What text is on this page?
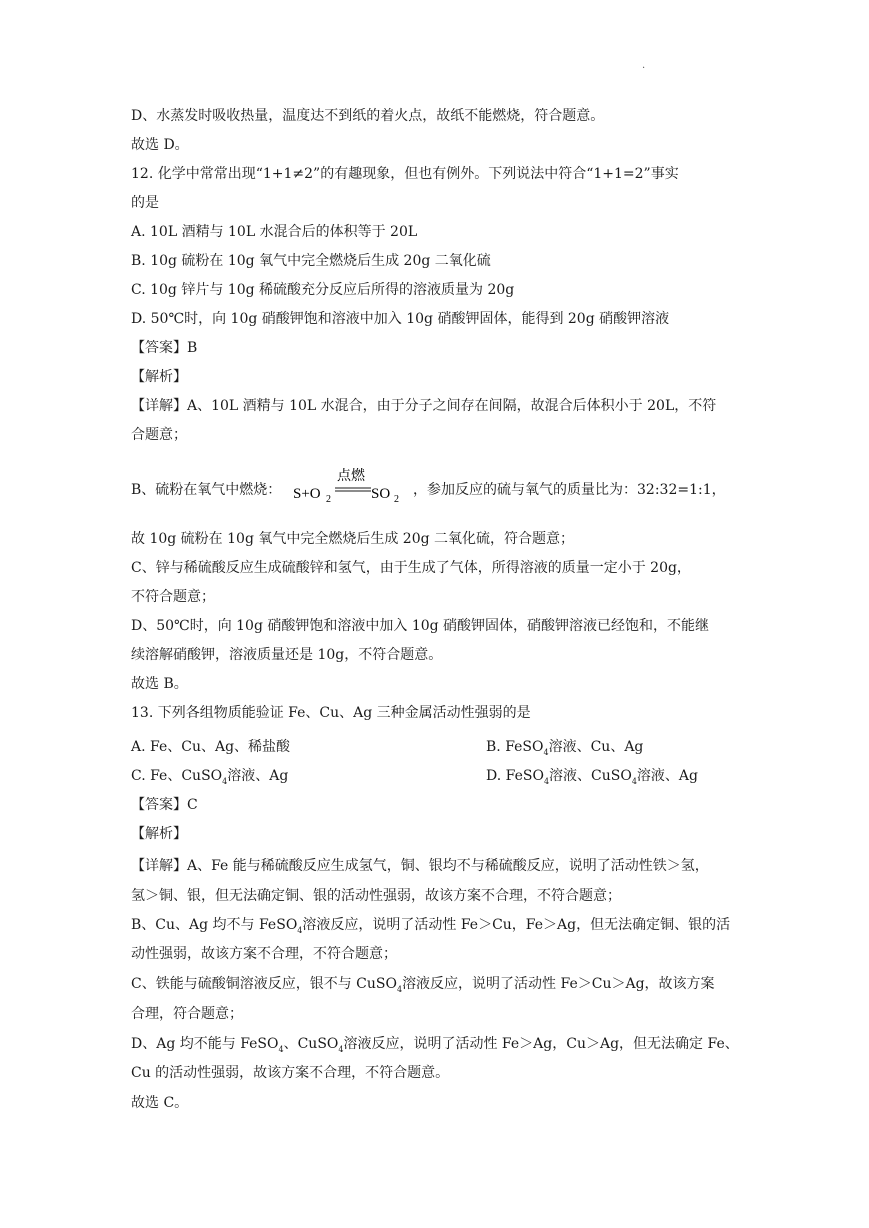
.
D、水蒸发时吸收热量，温度达不到纸的着火点，故纸不能燃烧，符合题意。
故选 D。
12. 化学中常常出现“1+1≠2”的有趣现象，但也有例外。下列说法中符合“1+1=2”事实
的是
A. 10L 酒精与 10L 水混合后的体积等于 20L
B. 10g 硫粉在 10g 氧气中完全燃烧后生成 20g 二氧化硫
C. 10g 锌片与 10g 稀硫酸充分反应后所得的溶液质量为 20g
D. 50℃时，向 10g 硝酸钾饱和溶液中加入 10g 硝酸钾固体，能得到 20g 硝酸钾溶液
【答案】B
【解析】
【详解】A、10L 酒精与 10L 水混合，由于分子之间存在间隔，故混合后体积小于 20L，不符
合题意；
B、硫粉在氧气中燃烧： S+O 2
点燃
SO 2
，参加反应的硫与氧气的质量比为：32:32=1:1，
故 10g 硫粉在 10g 氧气中完全燃烧后生成 20g 二氧化硫，符合题意；
C、锌与稀硫酸反应生成硫酸锌和氢气，由于生成了气体，所得溶液的质量一定小于 20g，
不符合题意；
D、50℃时，向 10g 硝酸钾饱和溶液中加入 10g 硝酸钾固体，硝酸钾溶液已经饱和，不能继
续溶解硝酸钾，溶液质量还是 10g，不符合题意。
故选 B。
13. 下列各组物质能验证 Fe、Cu、Ag 三种金属活动性强弱的是
A. Fe、Cu、Ag、稀盐酸	B. FeSO$_4$溶液、Cu、Ag
C. Fe、CuSO$_4$溶液、Ag	D. FeSO$_4$溶液、CuSO$_4$溶液、Ag
【答案】C
【解析】
【详解】A、Fe 能与稀硫酸反应生成氢气，铜、银均不与稀硫酸反应，说明了活动性铁＞氢，
氢＞铜、银，但无法确定铜、银的活动性强弱，故该方案不合理，不符合题意；
B、Cu、Ag 均不与 FeSO$_4$溶液反应，说明了活动性 Fe＞Cu，Fe＞Ag，但无法确定铜、银的活
动性强弱，故该方案不合理，不符合题意；
C、铁能与硫酸铜溶液反应，银不与 CuSO$_4$溶液反应，说明了活动性 Fe＞Cu＞Ag，故该方案
合理，符合题意；
D、Ag 均不能与 FeSO$_4$、CuSO$_4$溶液反应，说明了活动性 Fe＞Ag，Cu＞Ag，但无法确定 Fe、
Cu 的活动性强弱，故该方案不合理，不符合题意。
故选 C。
